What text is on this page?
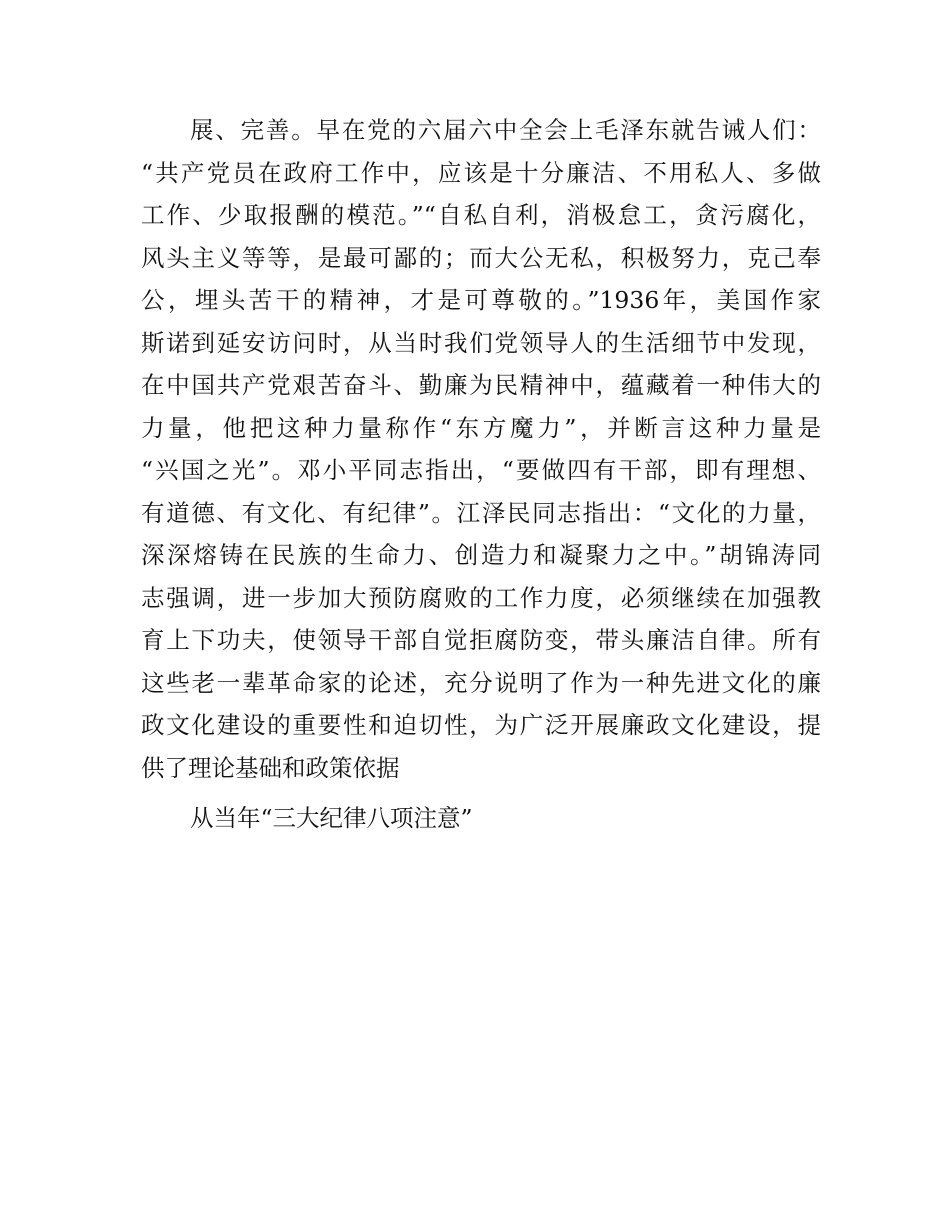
展、完善。早在党的六届六中全会上毛泽东就告诫人们：
“共产党员在政府工作中，应该是十分廉洁、不用私人、多做
工作、少取报酬的模范。”“自私自利，消极怠工，贪污腐化，
风头主义等等，是最可鄙的；而大公无私，积极努力，克己奉
公，埋头苦干的精神，才是可尊敬的。”1936年，美国作家
斯诺到延安访问时，从当时我们党领导人的生活细节中发现，
在中国共产党艰苦奋斗、勤廉为民精神中，蕴藏着一种伟大的
力量，他把这种力量称作“东方魔力”，并断言这种力量是
“兴国之光”。邓小平同志指出，“要做四有干部，即有理想、
有道德、有文化、有纪律”。江泽民同志指出：“文化的力量，
深深熔铸在民族的生命力、创造力和凝聚力之中。”胡锦涛同
志强调，进一步加大预防腐败的工作力度，必须继续在加强教
育上下功夫，使领导干部自觉拒腐防变，带头廉洁自律。所有
这些老一辈革命家的论述，充分说明了作为一种先进文化的廉
政文化建设的重要性和迫切性，为广泛开展廉政文化建设，提
供了理论基础和政策依据
从当年“三大纪律八项注意”
